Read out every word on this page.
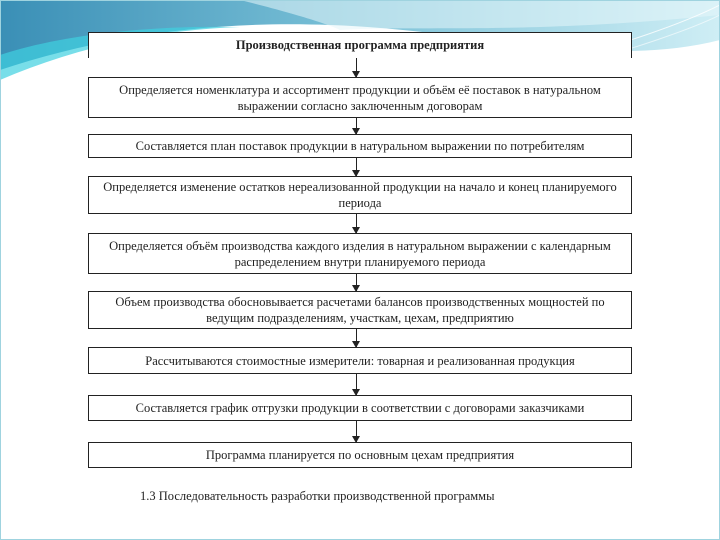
Производственная программа предприятия
Определяется номенклатура и ассортимент продукции и объём её поставок в натуральном выражении согласно заключенным договорам
Составляется план поставок продукции в натуральном выражении по потребителям
Определяется изменение остатков нереализованной продукции на начало и конец планируемого периода
Определяется объём производства каждого изделия в натуральном выражении с календарным распределением внутри планируемого периода
Объем производства обосновывается расчетами балансов производственных мощностей по ведущим подразделениям, участкам, цехам, предприятию
Рассчитываются стоимостные измерители: товарная и реализованная продукция
Составляется график отгрузки продукции в соответствии с договорами заказчиками
Программа планируется по основным цехам предприятия
1.3 Последовательность разработки производственной программы
